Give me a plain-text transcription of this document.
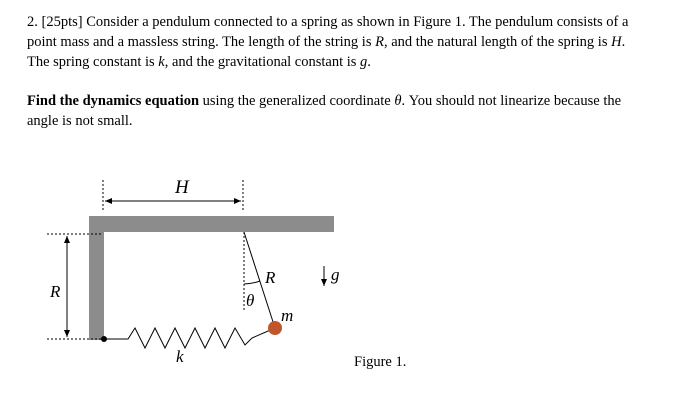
2. [25pts] Consider a pendulum connected to a spring as shown in Figure 1. The pendulum consists of a
point mass and a massless string. The length of the string is R, and the natural length of the spring is H.
The spring constant is k, and the gravitational constant is g.
Find the dynamics equation using the generalized coordinate θ. You should not linearize because the
angle is not small.
H
R
R
θ
k
m
g
Figure 1.
